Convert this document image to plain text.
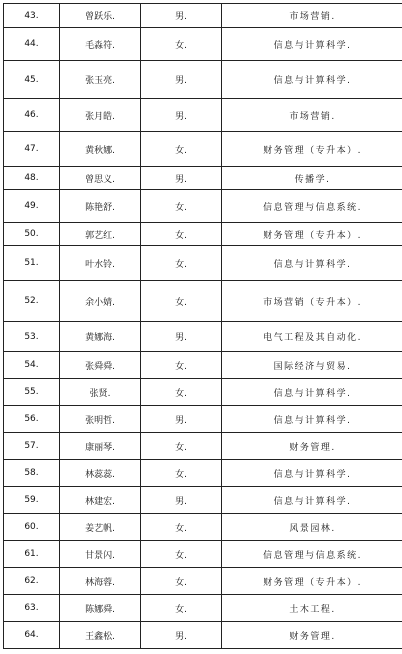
43.	曾跃乐.	男.	市场营销.
44.	毛淼符.	女.	信息与计算科学.
45.	张玉亮.	男.	信息与计算科学.
46.	张月皓.	男.	市场营销.
47.	黄秋娜.	女.	财务管理（专升本）.
48.	曾思义.	男.	传播学.
49.	陈艳舒.	女.	信息管理与信息系统.
50.	郭艺红.	女.	财务管理（专升本）.
51.	叶水铃.	女.	信息与计算科学.
52.	余小婧.	女.	市场营销（专升本）.
53.	黄娜海.	男.	电气工程及其自动化.
54.	张舜舜.	女.	国际经济与贸易.
55.	张贤.	女.	信息与计算科学.
56.	张明哲.	男.	信息与计算科学.
57.	康丽琴.	女.	财务管理.
58.	林蕊蕊.	女.	信息与计算科学.
59.	林建宏.	男.	信息与计算科学.
60.	姜艺帆.	女.	风景园林.
61.	甘景闪.	女.	信息管理与信息系统.
62.	林海蓉.	女.	财务管理（专升本）.
63.	陈娜舜.	女.	土木工程.
64.	王鑫松.	男.	财务管理.
